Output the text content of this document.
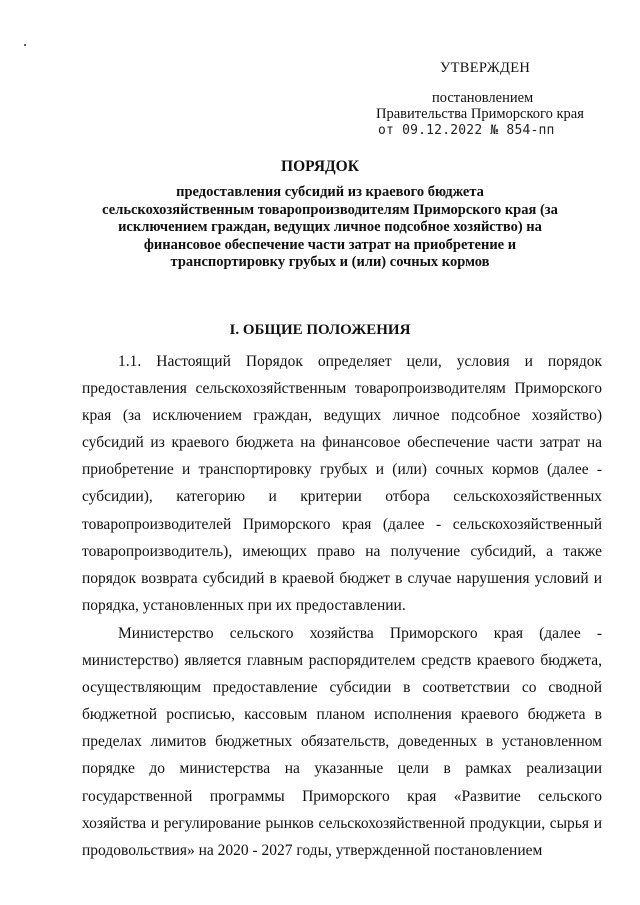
УТВЕРЖДЕН
постановлением
Правительства Приморского края
от 09.12.2022 № 854-пп
ПОРЯДОК
предоставления субсидий из краевого бюджета сельскохозяйственным товаропроизводителям Приморского края (за исключением граждан, ведущих личное подсобное хозяйство) на финансовое обеспечение части затрат на приобретение и транспортировку грубых и (или) сочных кормов
I. ОБЩИЕ ПОЛОЖЕНИЯ

1.1. Настоящий Порядок определяет цели, условия и порядок предоставления сельскохозяйственным товаропроизводителям Приморского края (за исключением граждан, ведущих личное подсобное хозяйство) субсидий из краевого бюджета на финансовое обеспечение части затрат на приобретение и транспортировку грубых и (или) сочных кормов (далее - субсидии), категорию и критерии отбора сельскохозяйственных товаропроизводителей Приморского края (далее - сельскохозяйственный товаропроизводитель), имеющих право на получение субсидий, а также порядок возврата субсидий в краевой бюджет в случае нарушения условий и порядка, установленных при их предоставлении.

Министерство сельского хозяйства Приморского края (далее - министерство) является главным распорядителем средств краевого бюджета, осуществляющим предоставление субсидии в соответствии со сводной бюджетной росписью, кассовым планом исполнения краевого бюджета в пределах лимитов бюджетных обязательств, доведенных в установленном порядке до министерства на указанные цели в рамках реализации государственной программы Приморского края «Развитие сельского хозяйства и регулирование рынков сельскохозяйственной продукции, сырья и продовольствия» на 2020 - 2027 годы, утвержденной постановлением
